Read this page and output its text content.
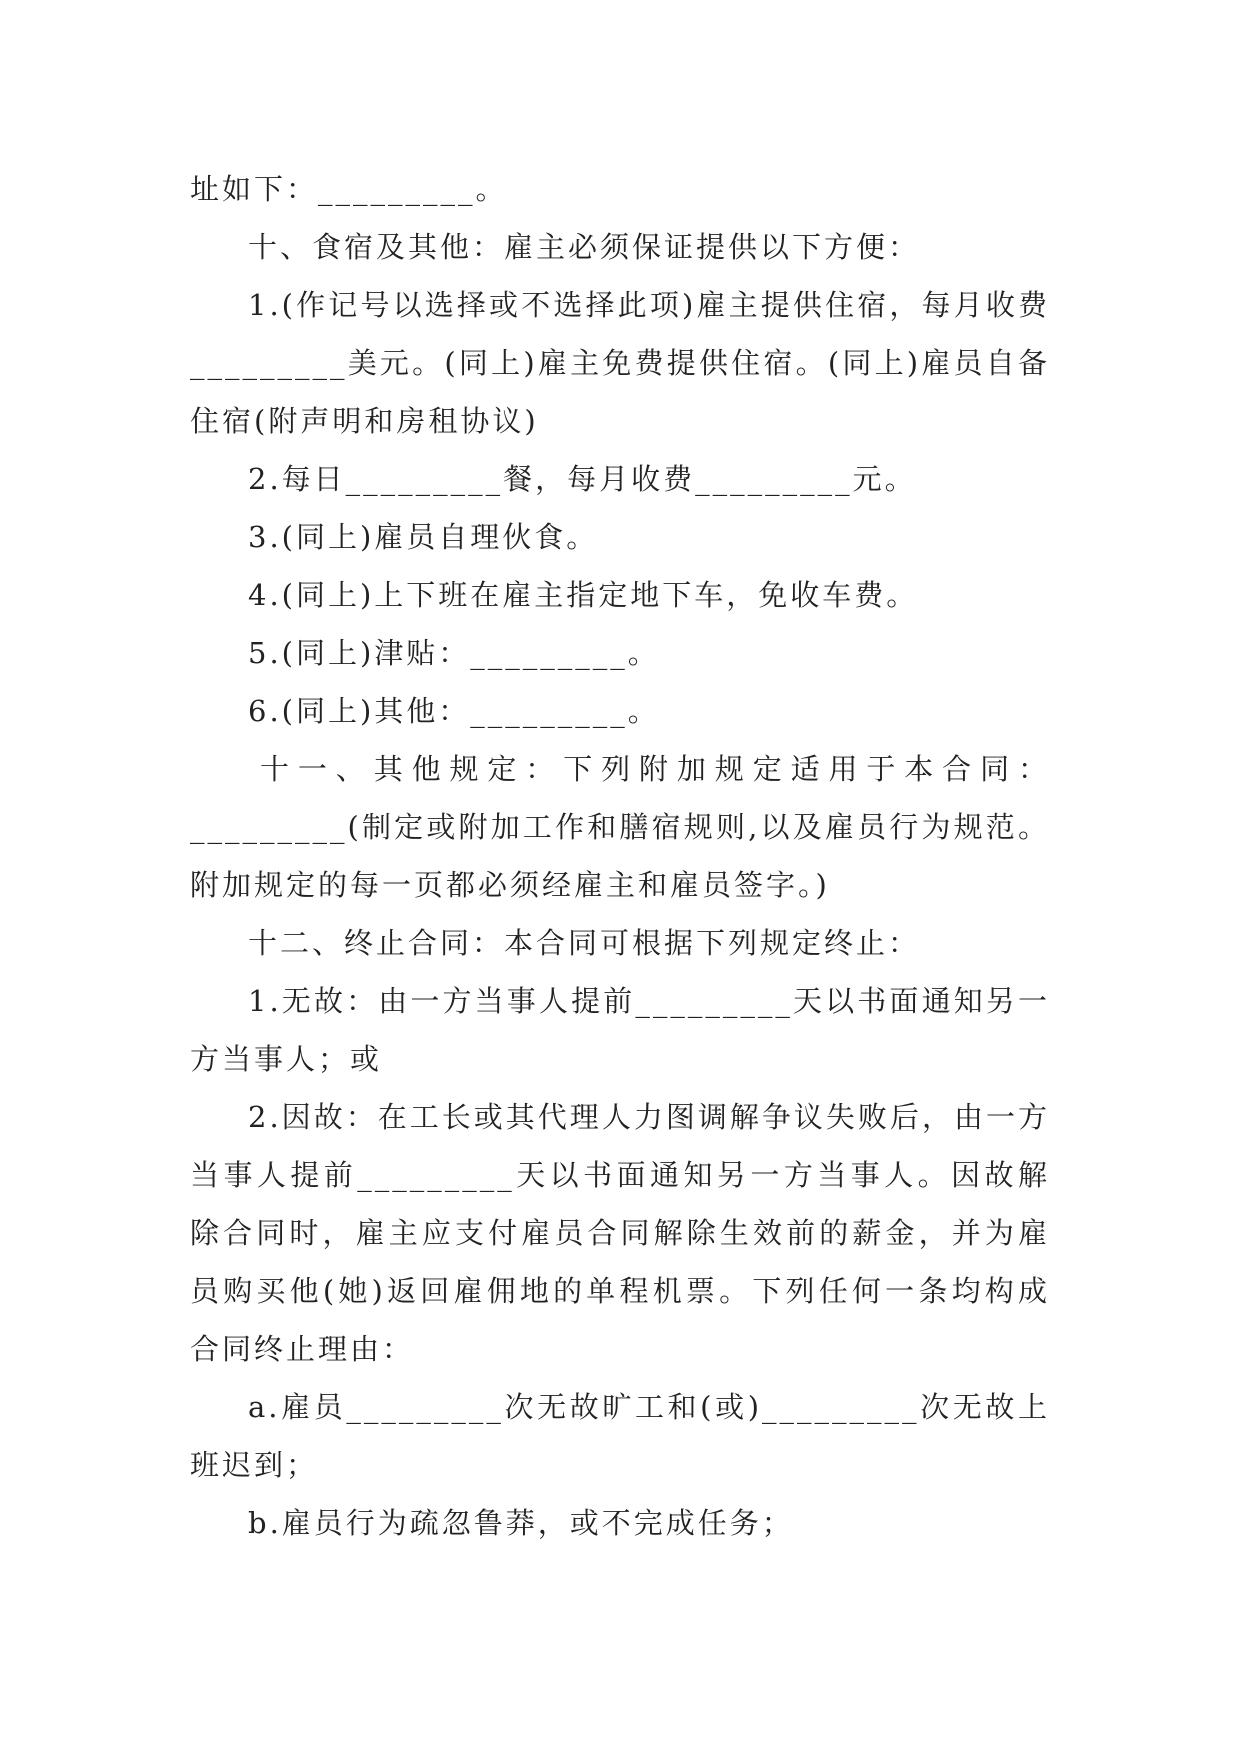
址如下：_________。

十、食宿及其他：雇主必须保证提供以下方便：

1.(作记号以选择或不选择此项)雇主提供住宿，每月收费_________美元。(同上)雇主免费提供住宿。(同上)雇员自备住宿(附声明和房租协议)

2.每日_________餐，每月收费_________元。

3.(同上)雇员自理伙食。

4.(同上)上下班在雇主指定地下车，免收车费。

5.(同上)津贴：_________。

6.(同上)其他：_________。

十一、其他规定：下列附加规定适用于本合同：_________(制定或附加工作和膳宿规则,以及雇员行为规范。附加规定的每一页都必须经雇主和雇员签字。)

十二、终止合同：本合同可根据下列规定终止：

1.无故：由一方当事人提前_________天以书面通知另一方当事人；或

2.因故：在工长或其代理人力图调解争议失败后，由一方当事人提前_________天以书面通知另一方当事人。因故解除合同时，雇主应支付雇员合同解除生效前的薪金，并为雇员购买他(她)返回雇佣地的单程机票。下列任何一条均构成合同终止理由：

a.雇员_________次无故旷工和(或)_________次无故上班迟到；

b.雇员行为疏忽鲁莽，或不完成任务；
